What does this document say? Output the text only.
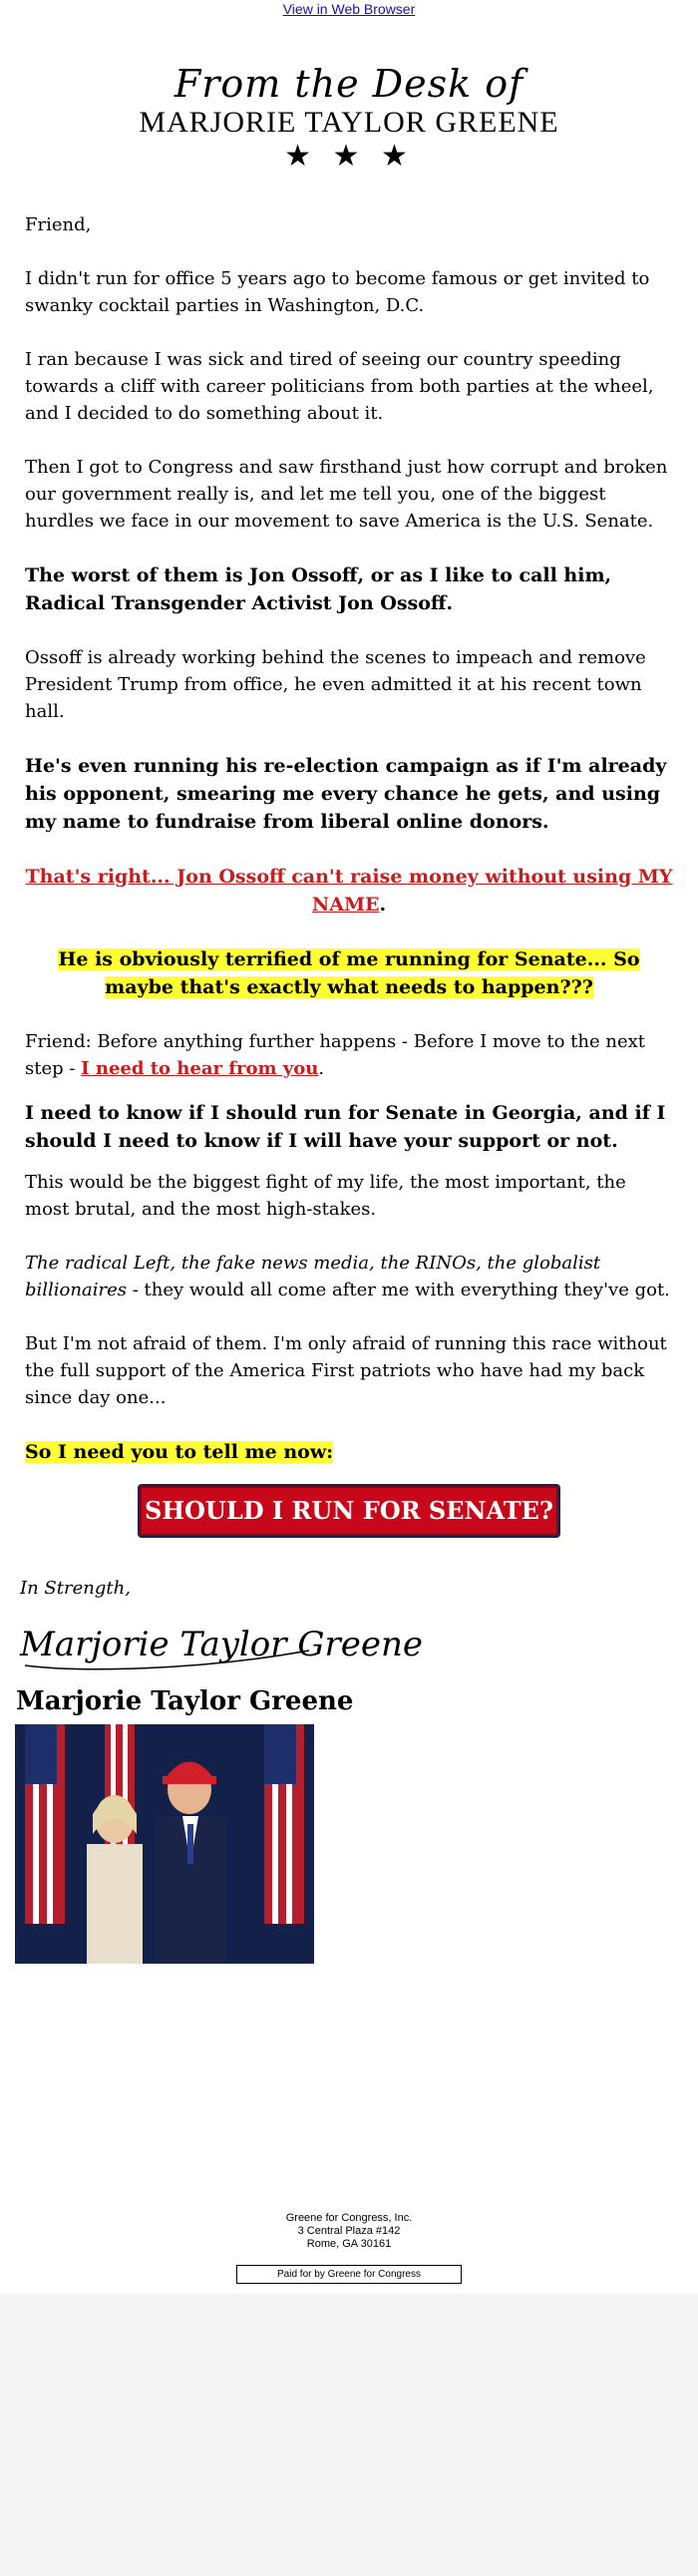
View in Web Browser
From the Desk of
MARJORIE TAYLOR GREENE
★ ★ ★

Friend,

I didn't run for office 5 years ago to become famous or get invited to swanky cocktail parties in Washington, D.C.

I ran because I was sick and tired of seeing our country speeding towards a cliff with career politicians from both parties at the wheel, and I decided to do something about it.

Then I got to Congress and saw firsthand just how corrupt and broken our government really is, and let me tell you, one of the biggest hurdles we face in our movement to save America is the U.S. Senate.

The worst of them is Jon Ossoff, or as I like to call him, Radical Transgender Activist Jon Ossoff.

Ossoff is already working behind the scenes to impeach and remove President Trump from office, he even admitted it at his recent town hall.

He's even running his re-election campaign as if I'm already his opponent, smearing me every chance he gets, and using my name to fundraise from liberal online donors.

That's right... Jon Ossoff can't raise money without using MY NAME.

He is obviously terrified of me running for Senate... So maybe that's exactly what needs to happen???

Friend: Before anything further happens - Before I move to the next step - I need to hear from you.

I need to know if I should run for Senate in Georgia, and if I should I need to know if I will have your support or not.

This would be the biggest fight of my life, the most important, the most brutal, and the most high-stakes.

The radical Left, the fake news media, the RINOs, the globalist billionaires - they would all come after me with everything they've got.

But I'm not afraid of them. I'm only afraid of running this race without the full support of the America First patriots who have had my back since day one...

So I need you to tell me now:

SHOULD I RUN FOR SENATE?
In Strength,
Marjorie Taylor Greene
Marjorie Taylor Greene
Greene for Congress, Inc.
3 Central Plaza #142
Rome, GA 30161
Paid for by Greene for Congress
